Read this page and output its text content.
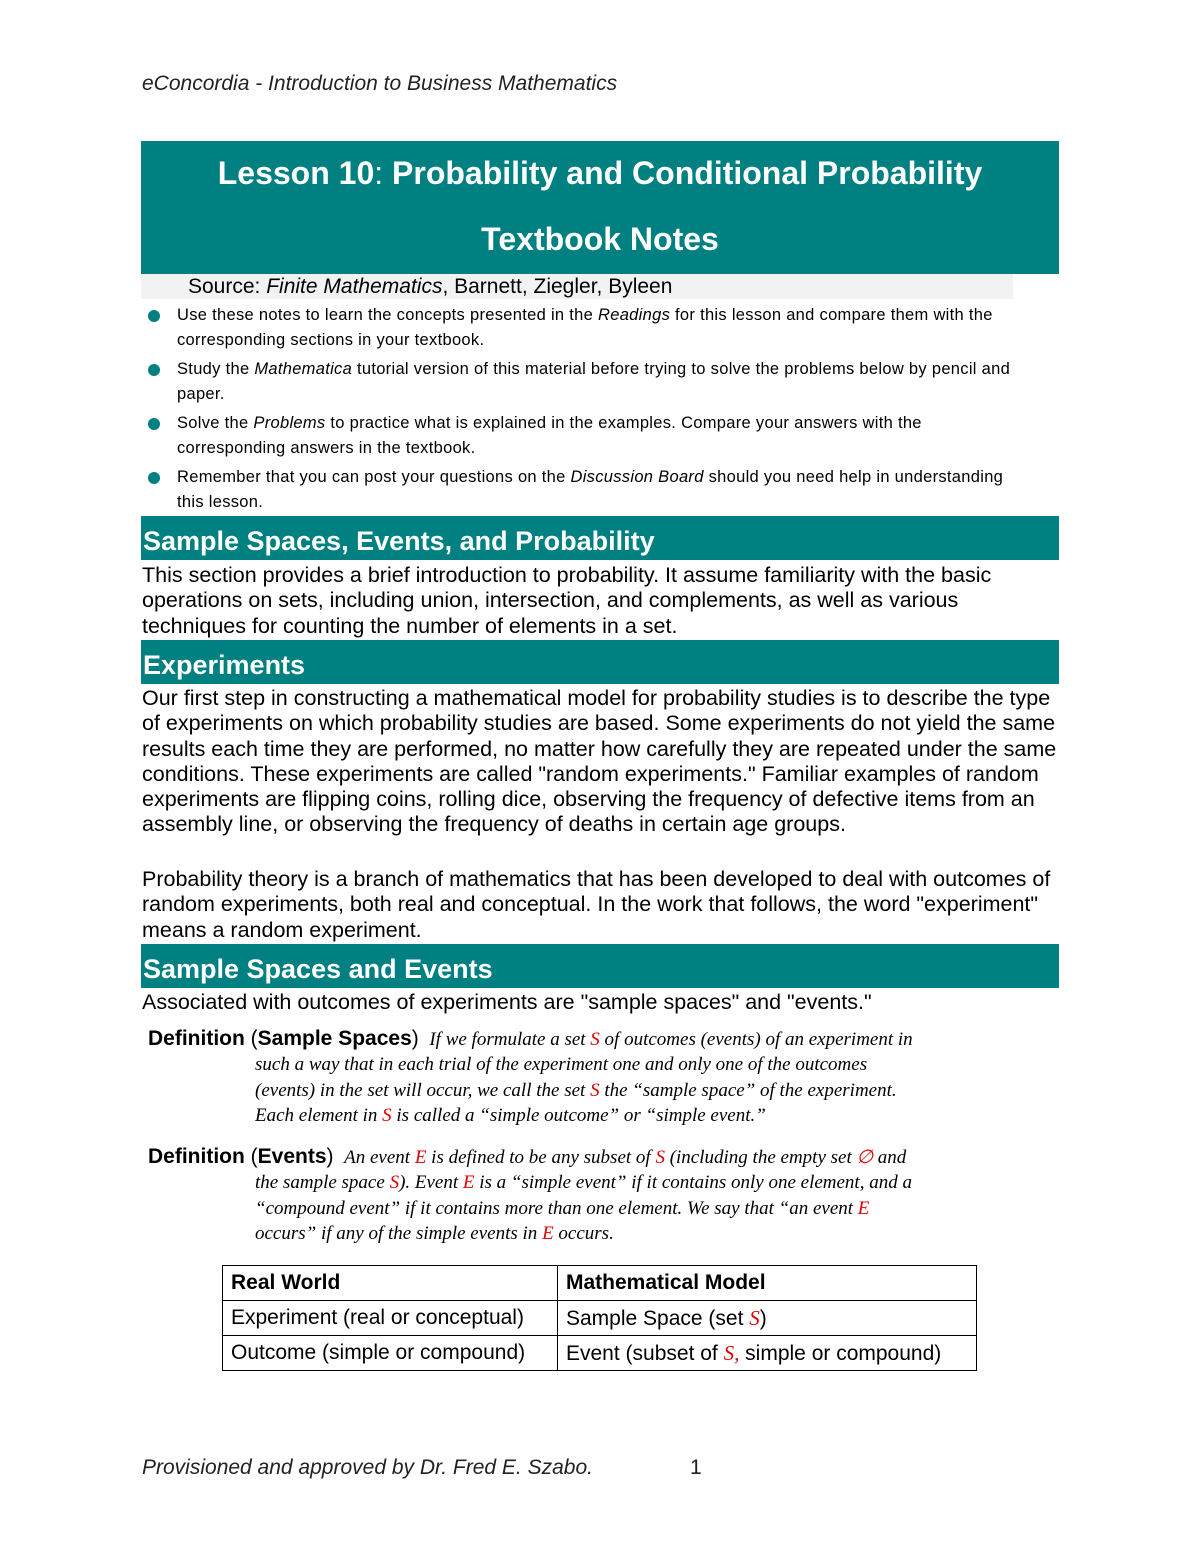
eConcordia - Introduction to Business Mathematics
Lesson 10: Probability and Conditional Probability
Textbook Notes
Source: Finite Mathematics, Barnett, Ziegler, Byleen
Use these notes to learn the concepts presented in the Readings for this lesson and compare them with the corresponding sections in your textbook.
Study the Mathematica tutorial version of this material before trying to solve the problems below by pencil and paper.
Solve the Problems to practice what is explained in the examples. Compare your answers with the corresponding answers in the textbook.
Remember that you can post your questions on the Discussion Board should you need help in understanding this lesson.
Sample Spaces, Events, and Probability
This section provides a brief introduction to probability. It assume familiarity with the basic operations on sets, including union, intersection, and complements, as well as various techniques for counting the number of elements in a set.
Experiments
Our first step in constructing a mathematical model for probability studies is to describe the type of experiments on which probability studies are based. Some experiments do not yield the same results each time they are performed, no matter how carefully they are repeated under the same conditions. These experiments are called "random experiments." Familiar examples of random experiments are flipping coins, rolling dice, observing the frequency of defective items from an assembly line, or observing the frequency of deaths in certain age groups.
Probability theory is a branch of mathematics that has been developed to deal with outcomes of random experiments, both real and conceptual. In the work that follows, the word "experiment" means a random experiment.
Sample Spaces and Events
Associated with outcomes of experiments are "sample spaces" and "events."
Definition (Sample Spaces) If we formulate a set S of outcomes (events) of an experiment in
such a way that in each trial of the experiment one and only one of the outcomes
(events) in the set will occur, we call the set S the “sample space” of the experiment.
Each element in S is called a “simple outcome” or “simple event.”
Definition (Events) An event E is defined to be any subset of S (including the empty set ∅ and
the sample space S). Event E is a “simple event” if it contains only one element, and a
“compound event” if it contains more than one element. We say that “an event E
occurs” if any of the simple events in E occurs.
Real World	Mathematical Model
Experiment (real or conceptual)	Sample Space (set S)
Outcome (simple or compound)	Event (subset of S, simple or compound)
Provisioned and approved by Dr. Fred E. Szabo.	1
